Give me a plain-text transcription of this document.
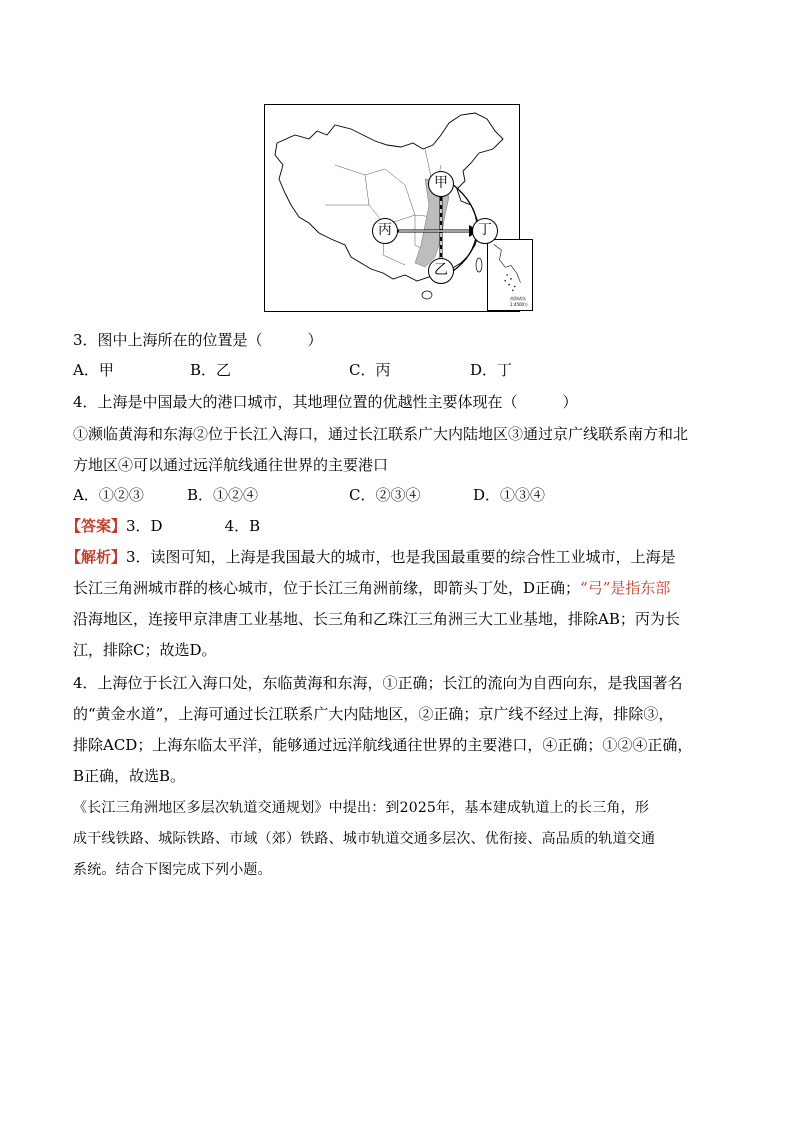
南海诸岛
1:4500万
甲
丙	丁
乙
3．图中上海所在的位置是（　　　）
A．甲	B．乙	C．丙	D．丁
4．上海是中国最大的港口城市，其地理位置的优越性主要体现在（　　　）
①濒临黄海和东海②位于长江入海口，通过长江联系广大内陆地区③通过京广线联系南方和北
方地区④可以通过远洋航线通往世界的主要港口
A．①②③	B．①②④	C．②③④	D．①③④
【答案】3．D	4．B
【解析】3．读图可知，上海是我国最大的城市，也是我国最重要的综合性工业城市，上海是
长江三角洲城市群的核心城市，位于长江三角洲前缘，即箭头丁处，D正确；“弓”是指东部
沿海地区，连接甲京津唐工业基地、长三角和乙珠江三角洲三大工业基地，排除AB；丙为长
江，排除C；故选D。
4．上海位于长江入海口处，东临黄海和东海，①正确；长江的流向为自西向东，是我国著名
的“黄金水道”，上海可通过长江联系广大内陆地区，②正确；京广线不经过上海，排除③，
排除ACD；上海东临太平洋，能够通过远洋航线通往世界的主要港口，④正确；①②④正确，
B正确，故选B。
《长江三角洲地区多层次轨道交通规划》中提出：到2025年，基本建成轨道上的长三角，形
成干线铁路、城际铁路、市域（郊）铁路、城市轨道交通多层次、优衔接、高品质的轨道交通
系统。结合下图完成下列小题。
